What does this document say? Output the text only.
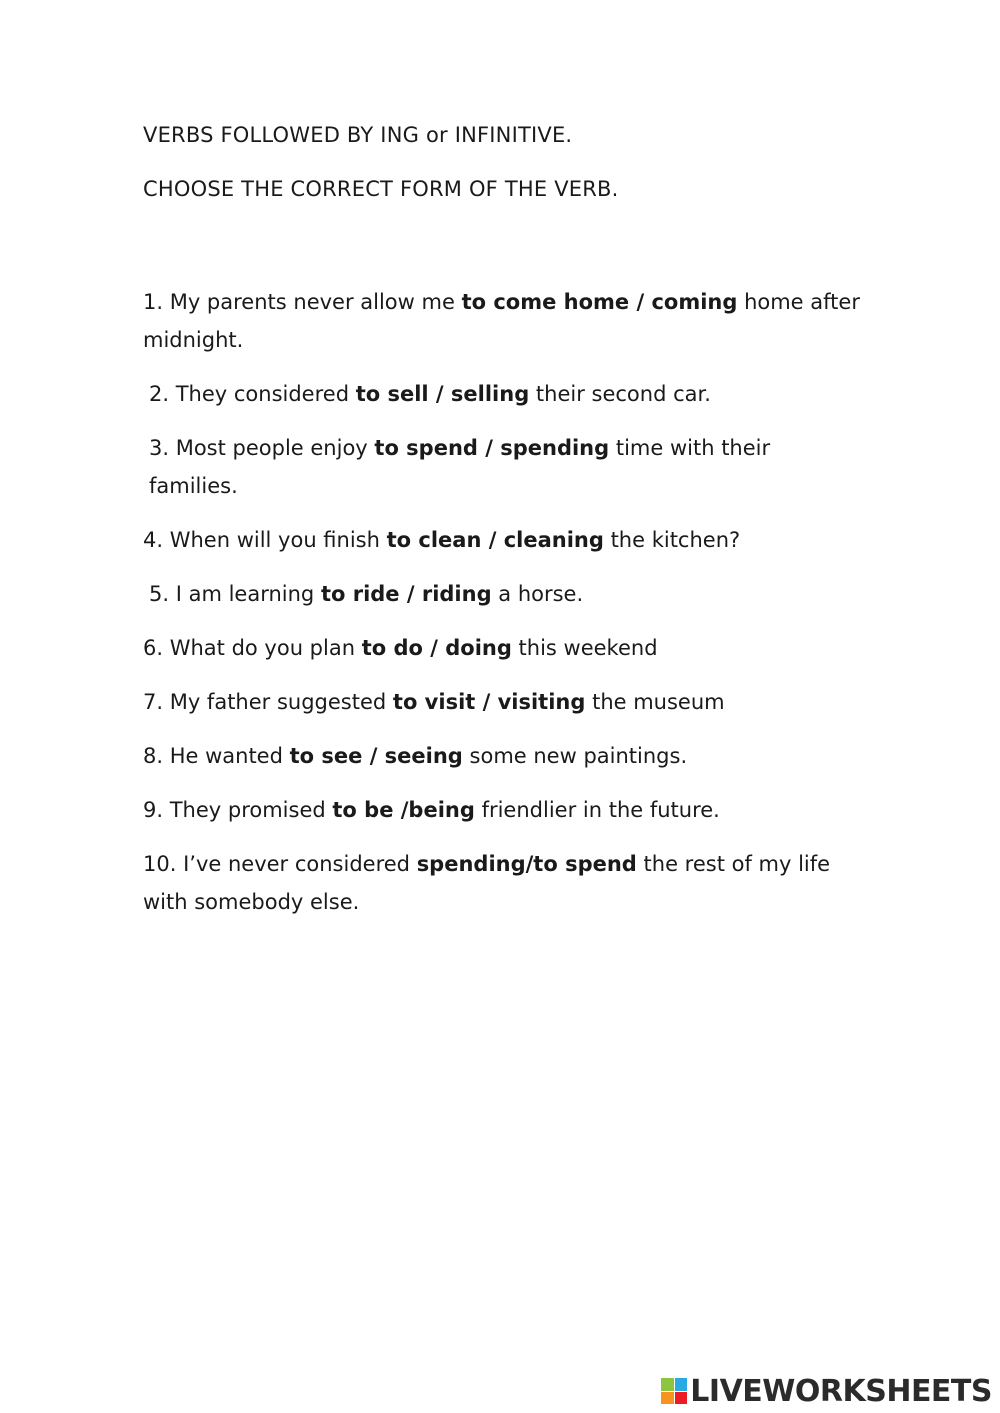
VERBS FOLLOWED BY ING or INFINITIVE.
CHOOSE THE CORRECT FORM OF THE VERB.

1. My parents never allow me to come home / coming home after midnight.

2. They considered to sell / selling their second car.

3. Most people enjoy to spend / spending time with their families.

4. When will you finish to clean / cleaning the kitchen?

5. I am learning to ride / riding a horse.

6. What do you plan to do / doing this weekend

7. My father suggested to visit / visiting the museum

8. He wanted to see / seeing some new paintings.

9. They promised to be /being friendlier in the future.

10. I’ve never considered spending/to spend the rest of my life with somebody else.

LIVEWORKSHEETS
